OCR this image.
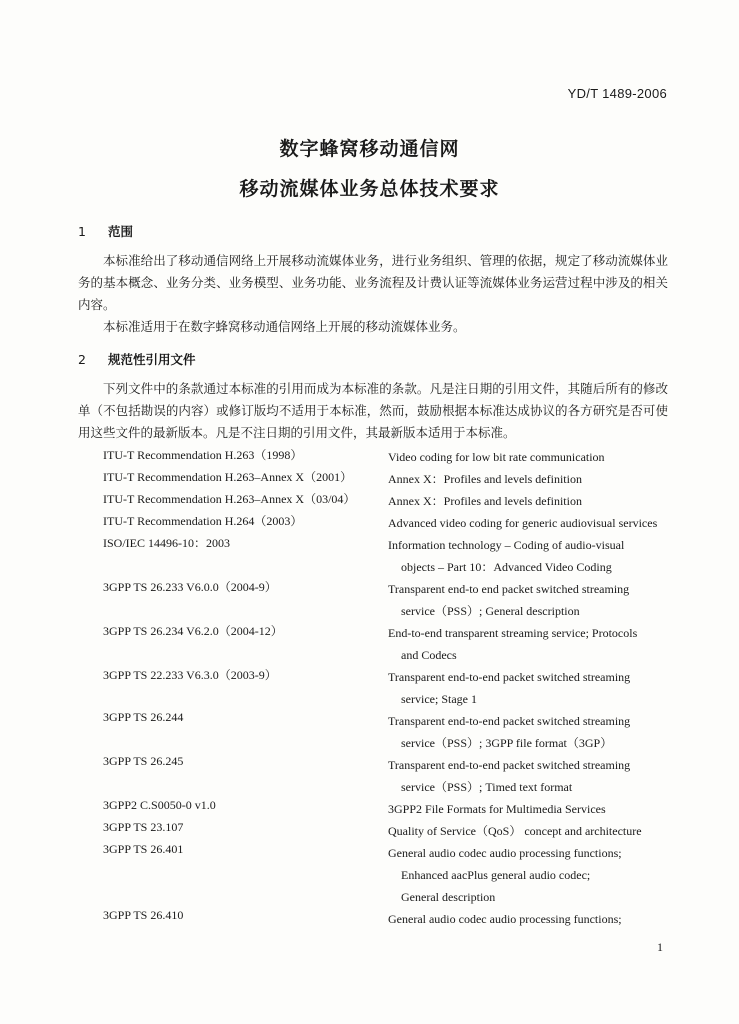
YD/T 1489-2006
数字蜂窝移动通信网
移动流媒体业务总体技术要求
1 范围

本标准给出了移动通信网络上开展移动流媒体业务，进行业务组织、管理的依据，规定了移动流媒体业务的基本概念、业务分类、业务模型、业务功能、业务流程及计费认证等流媒体业务运营过程中涉及的相关内容。

本标准适用于在数字蜂窝移动通信网络上开展的移动流媒体业务。

2 规范性引用文件

下列文件中的条款通过本标准的引用而成为本标准的条款。凡是注日期的引用文件，其随后所有的修改单（不包括勘误的内容）或修订版均不适用于本标准，然而，鼓励根据本标准达成协议的各方研究是否可使用这些文件的最新版本。凡是不注日期的引用文件，其最新版本适用于本标准。

ITU-T Recommendation H.263（1998）	Video coding for low bit rate communication
ITU-T Recommendation H.263–Annex X（2001）	Annex X：Profiles and levels definition
ITU-T Recommendation H.263–Annex X（03/04）	Annex X：Profiles and levels definition
ITU-T Recommendation H.264（2003）	Advanced video coding for generic audiovisual services
ISO/IEC 14496-10：2003	Information technology – Coding of audio-visual
objects – Part 10：Advanced Video Coding
3GPP TS 26.233 V6.0.0（2004-9）	Transparent end-to end packet switched streaming
service（PSS）; General description
3GPP TS 26.234 V6.2.0（2004-12）	End-to-end transparent streaming service; Protocols
and Codecs
3GPP TS 22.233 V6.3.0（2003-9）	Transparent end-to-end packet switched streaming
service; Stage 1
3GPP TS 26.244	Transparent end-to-end packet switched streaming
service（PSS）; 3GPP file format（3GP）
3GPP TS 26.245	Transparent end-to-end packet switched streaming
service（PSS）; Timed text format
3GPP2 C.S0050-0 v1.0	3GPP2 File Formats for Multimedia Services
3GPP TS 23.107	Quality of Service（QoS） concept and architecture
3GPP TS 26.401	General audio codec audio processing functions;
Enhanced aacPlus general audio codec;
General description
3GPP TS 26.410	General audio codec audio processing functions;
1
